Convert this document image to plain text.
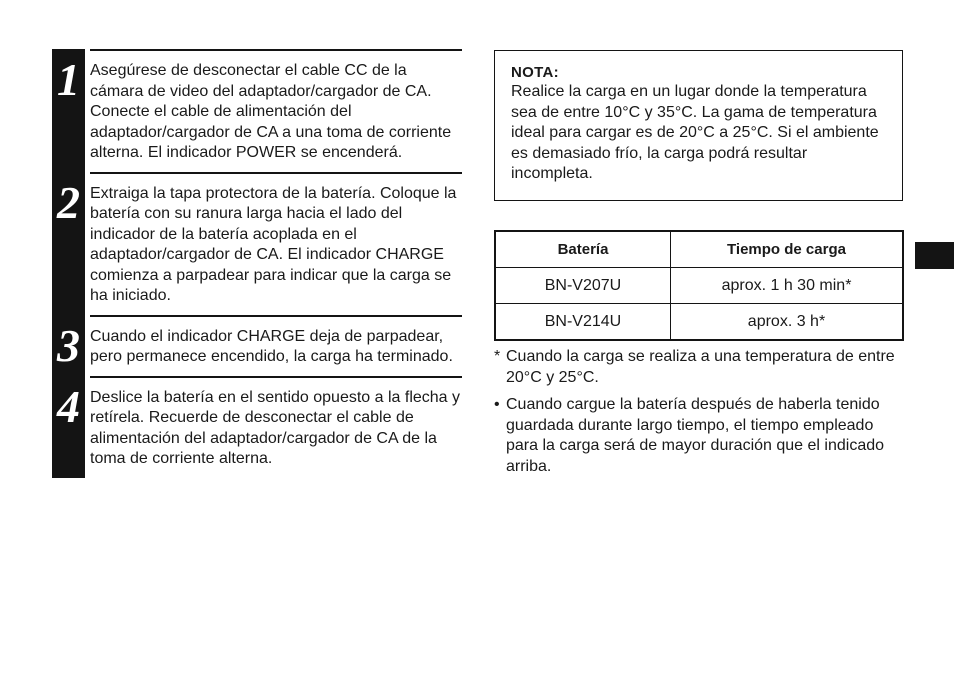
1 Asegúrese de desconectar el cable CC de la cámara de video del adaptador/cargador de CA. Conecte el cable de alimentación del adaptador/cargador de CA a una toma de corriente alterna. El indicador POWER se encenderá.
2 Extraiga la tapa protectora de la batería. Coloque la batería con su ranura larga hacia el lado del indicador de la batería acoplada en el adaptador/cargador de CA. El indicador CHARGE comienza a parpadear para indicar que la carga se ha iniciado.
3 Cuando el indicador CHARGE deja de parpadear, pero permanece encendido, la carga ha terminado.
4 Deslice la batería en el sentido opuesto a la flecha y retírela. Recuerde de desconectar el cable de alimentación del adaptador/cargador de CA de la toma de corriente alterna.
NOTA:
Realice la carga en un lugar donde la temperatura sea de entre 10°C y 35°C. La gama de temperatura ideal para cargar es de 20°C a 25°C. Si el ambiente es demasiado frío, la carga podrá resultar incompleta.
Batería	Tiempo de carga
BN-V207U	aprox. 1 h 30 min*
BN-V214U	aprox. 3 h*
* Cuando la carga se realiza a una temperatura de entre 20°C y 25°C.
• Cuando cargue la batería después de haberla tenido guardada durante largo tiempo, el tiempo empleado para la carga será de mayor duración que el indicado arriba.
